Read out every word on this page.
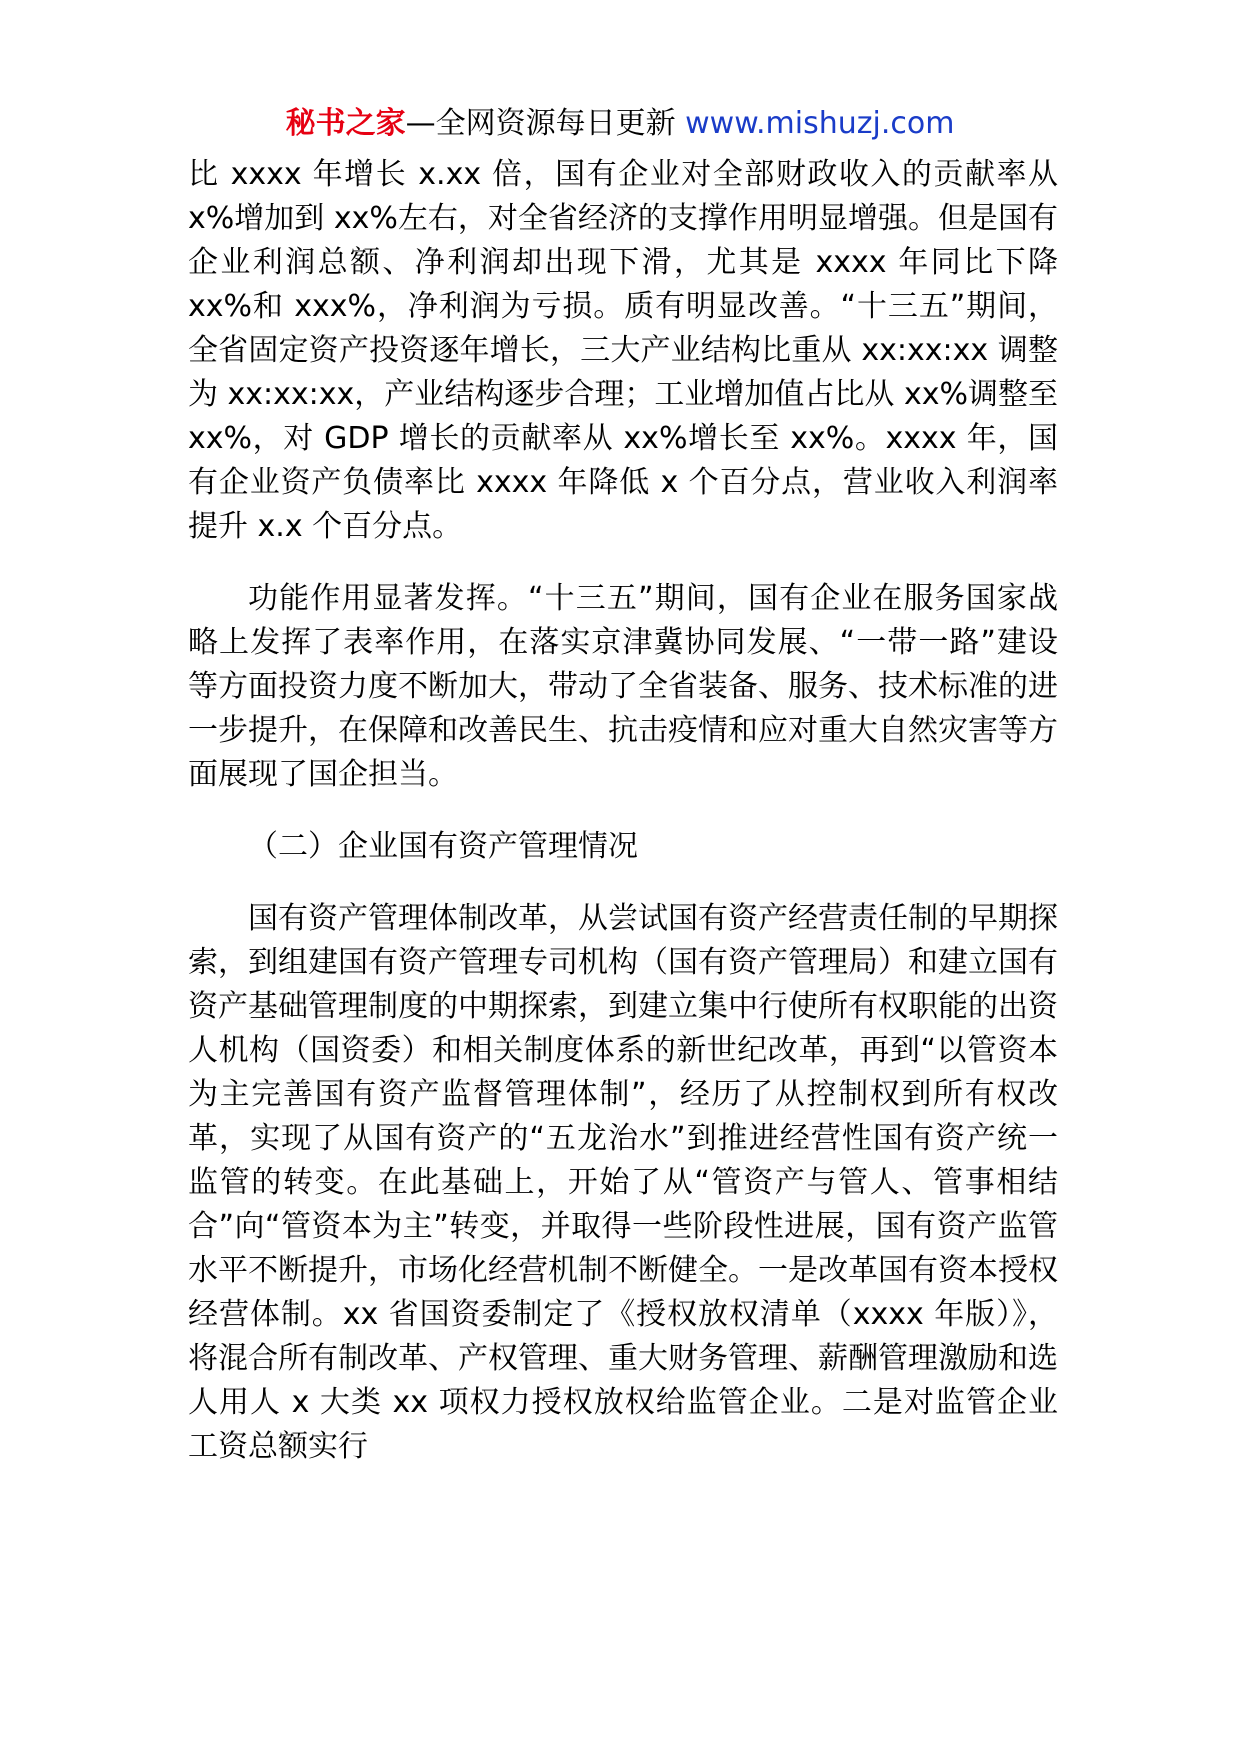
秘书之家—全网资源每日更新 www.mishuzj.com

比 xxxx 年增长 x.xx 倍，国有企业对全部财政收入的贡献率从 x%增加到 xx%左右，对全省经济的支撑作用明显增强。但是国有企业利润总额、净利润却出现下滑，尤其是 xxxx 年同比下降 xx%和 xxx%，净利润为亏损。质有明显改善。“十三五”期间，全省固定资产投资逐年增长，三大产业结构比重从 xx:xx:xx 调整为 xx:xx:xx，产业结构逐步合理；工业增加值占比从 xx%调整至 xx%，对 GDP 增长的贡献率从 xx%增长至 xx%。xxxx 年，国有企业资产负债率比 xxxx 年降低 x 个百分点，营业收入利润率提升 x.x 个百分点。

功能作用显著发挥。“十三五”期间，国有企业在服务国家战略上发挥了表率作用，在落实京津冀协同发展、“一带一路”建设等方面投资力度不断加大，带动了全省装备、服务、技术标准的进一步提升，在保障和改善民生、抗击疫情和应对重大自然灾害等方面展现了国企担当。

（二）企业国有资产管理情况

国有资产管理体制改革，从尝试国有资产经营责任制的早期探索，到组建国有资产管理专司机构（国有资产管理局）和建立国有资产基础管理制度的中期探索，到建立集中行使所有权职能的出资人机构（国资委）和相关制度体系的新世纪改革，再到“以管资本为主完善国有资产监督管理体制”，经历了从控制权到所有权改革，实现了从国有资产的“五龙治水”到推进经营性国有资产统一监管的转变。在此基础上，开始了从“管资产与管人、管事相结合”向“管资本为主”转变，并取得一些阶段性进展，国有资产监管水平不断提升，市场化经营机制不断健全。一是改革国有资本授权经营体制。xx 省国资委制定了《授权放权清单（xxxx 年版）》，将混合所有制改革、产权管理、重大财务管理、薪酬管理激励和选人用人 x 大类 xx 项权力授权放权给监管企业。二是对监管企业工资总额实行
